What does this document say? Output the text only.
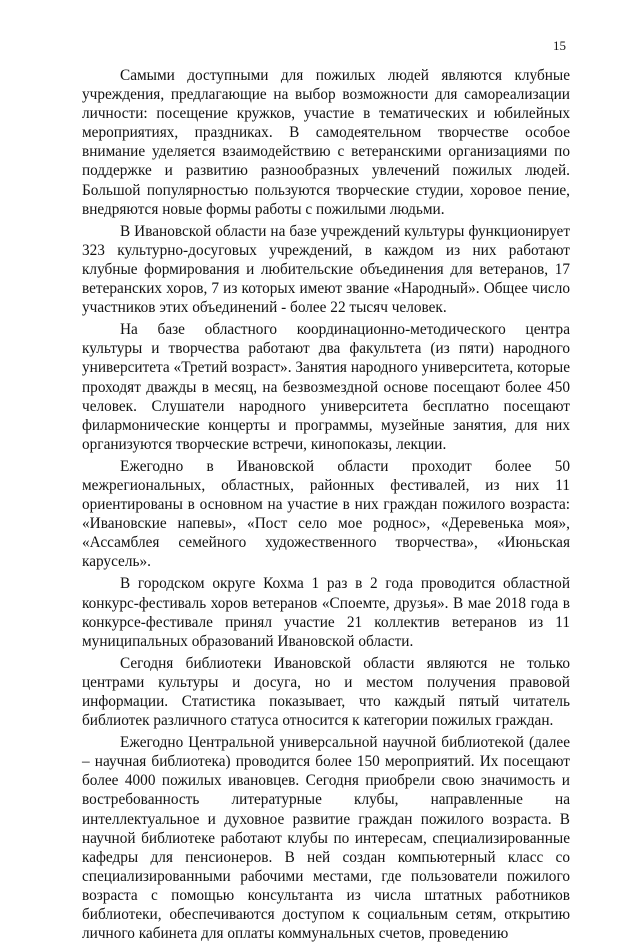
15

Самыми доступными для пожилых людей являются клубные учреждения, предлагающие на выбор возможности для самореализации личности: посещение кружков, участие в тематических и юбилейных мероприятиях, праздниках. В самодеятельном творчестве особое внимание уделяется взаимодействию с ветеранскими организациями по поддержке и развитию разнообразных увлечений пожилых людей. Большой популярностью пользуются творческие студии, хоровое пение, внедряются новые формы работы с пожилыми людьми.

В Ивановской области на базе учреждений культуры функционирует 323 культурно-досуговых учреждений, в каждом из них работают клубные формирования и любительские объединения для ветеранов, 17 ветеранских хоров, 7 из которых имеют звание «Народный». Общее число участников этих объединений - более 22 тысяч человек.

На базе областного координационно-методического центра культуры и творчества работают два факультета (из пяти) народного университета «Третий возраст». Занятия народного университета, которые проходят дважды в месяц, на безвозмездной основе посещают более 450 человек. Слушатели народного университета бесплатно посещают филармонические концерты и программы, музейные занятия, для них организуются творческие встречи, кинопоказы, лекции.

Ежегодно в Ивановской области проходит более 50 межрегиональных, областных, районных фестивалей, из них 11 ориентированы в основном на участие в них граждан пожилого возраста: «Ивановские напевы», «Пост село мое роднос», «Деревенька моя», «Ассамблея семейного художественного творчества», «Июньская карусель».

В городском округе Кохма 1 раз в 2 года проводится областной конкурс-фестиваль хоров ветеранов «Споемте, друзья». В мае 2018 года в конкурсе-фестивале принял участие 21 коллектив ветеранов из 11 муниципальных образований Ивановской области.

Сегодня библиотеки Ивановской области являются не только центрами культуры и досуга, но и местом получения правовой информации. Статистика показывает, что каждый пятый читатель библиотек различного статуса относится к категории пожилых граждан.

Ежегодно Центральной универсальной научной библиотекой (далее – научная библиотека) проводится более 150 мероприятий. Их посещают более 4000 пожилых ивановцев. Сегодня приобрели свою значимость и востребованность литературные клубы, направленные на интеллектуальное и духовное развитие граждан пожилого возраста. В научной библиотеке работают клубы по интересам, специализированные кафедры для пенсионеров. В ней создан компьютерный класс со специализированными рабочими местами, где пользователи пожилого возраста с помощью консультанта из числа штатных работников библиотеки, обеспечиваются доступом к социальным сетям, открытию личного кабинета для оплаты коммунальных счетов, проведению
